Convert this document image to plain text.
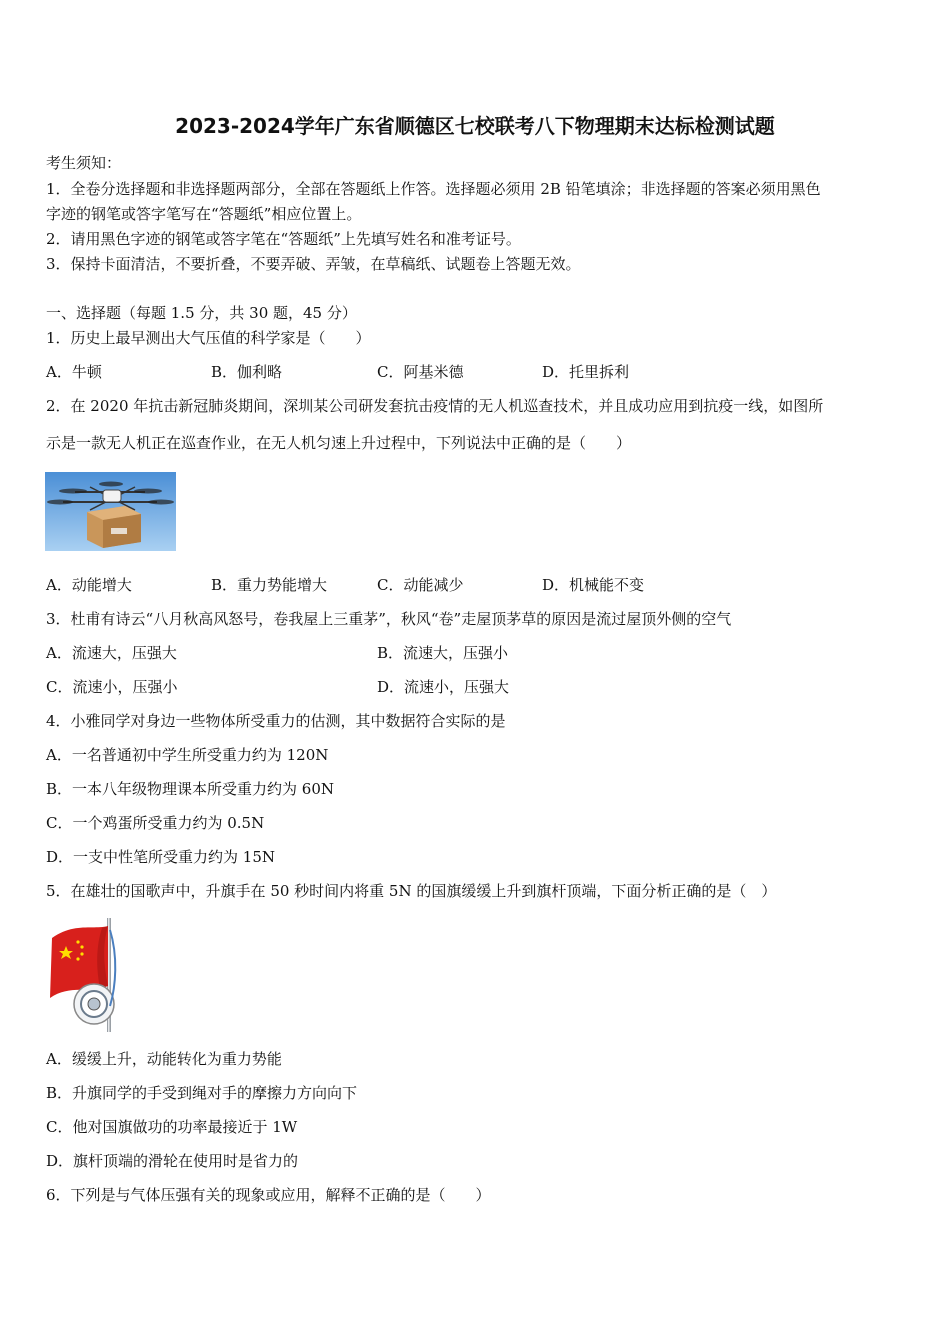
2023-2024学年广东省顺德区七校联考八下物理期末达标检测试题
考生须知：
1．全卷分选择题和非选择题两部分，全部在答题纸上作答。选择题必须用 2B 铅笔填涂；非选择题的答案必须用黑色
字迹的钢笔或答字笔写在“答题纸”相应位置上。
2．请用黑色字迹的钢笔或答字笔在“答题纸”上先填写姓名和准考证号。
3．保持卡面清洁，不要折叠，不要弄破、弄皱，在草稿纸、试题卷上答题无效。
一、选择题（每题 1.5 分，共 30 题，45 分）
1．历史上最早测出大气压值的科学家是（　　）
A．牛顿	B．伽利略	C．阿基米德	D．托里拆利
2．在 2020 年抗击新冠肺炎期间，深圳某公司研发套抗击疫情的无人机巡查技术，并且成功应用到抗疫一线，如图所
示是一款无人机正在巡查作业，在无人机匀速上升过程中，下列说法中正确的是（　　）
A．动能增大	B．重力势能增大	C．动能减少	D．机械能不变
3．杜甫有诗云“八月秋高风怒号，卷我屋上三重茅”，秋风“卷”走屋顶茅草的原因是流过屋顶外侧的空气
A．流速大，压强大	B．流速大，压强小
C．流速小，压强小	D．流速小，压强大
4．小雅同学对身边一些物体所受重力的估测，其中数据符合实际的是
A．一名普通初中学生所受重力约为 120N
B．一本八年级物理课本所受重力约为 60N
C．一个鸡蛋所受重力约为 0.5N
D．一支中性笔所受重力约为 15N
5．在雄壮的国歌声中，升旗手在 50 秒时间内将重 5N 的国旗缓缓上升到旗杆顶端，下面分析正确的是（　）
A．缓缓上升，动能转化为重力势能
B．升旗同学的手受到绳对手的摩擦力方向向下
C．他对国旗做功的功率最接近于 1W
D．旗杆顶端的滑轮在使用时是省力的
6．下列是与气体压强有关的现象或应用，解释不正确的是（　　）
